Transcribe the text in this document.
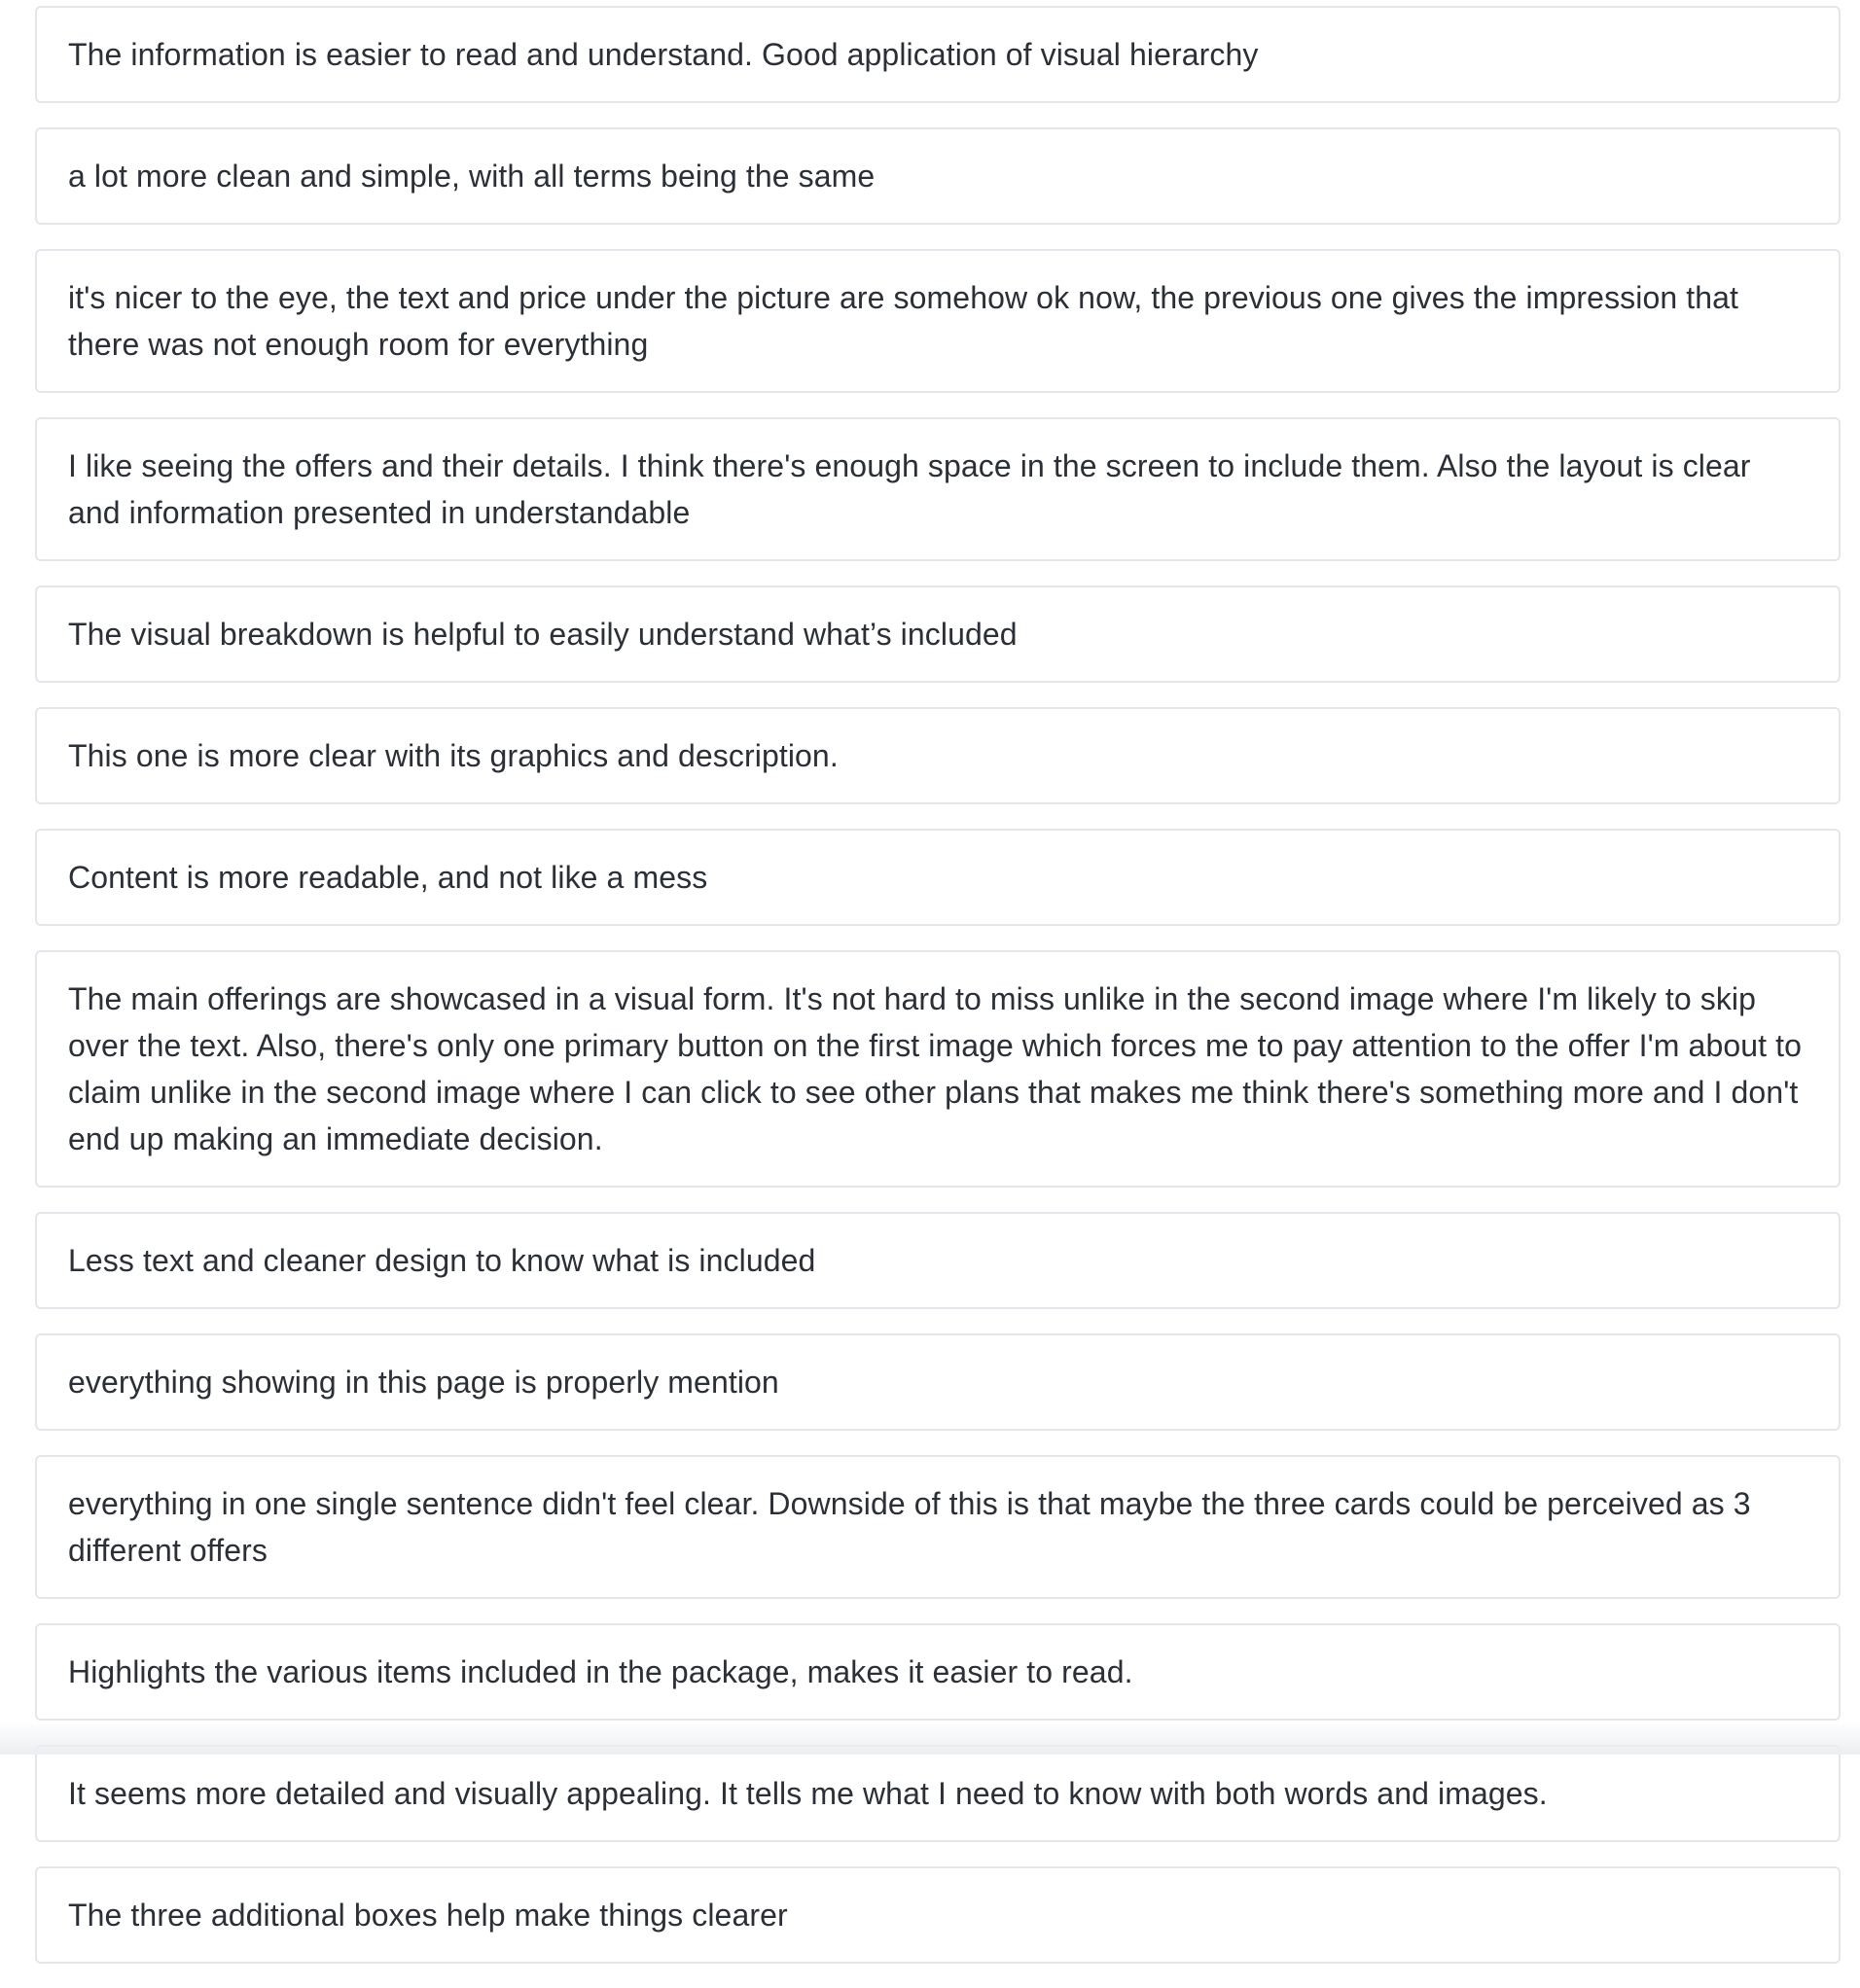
The information is easier to read and understand. Good application of visual hierarchy
a lot more clean and simple, with all terms being the same
it's nicer to the eye, the text and price under the picture are somehow ok now, the previous one gives the impression that there was not enough room for everything
I like seeing the offers and their details. I think there's enough space in the screen to include them. Also the layout is clear and information presented in understandable
The visual breakdown is helpful to easily understand what’s included
This one is more clear with its graphics and description.
Content is more readable, and not like a mess
The main offerings are showcased in a visual form. It's not hard to miss unlike in the second image where I'm likely to skip over the text. Also, there's only one primary button on the first image which forces me to pay attention to the offer I'm about to claim unlike in the second image where I can click to see other plans that makes me think there's something more and I don't end up making an immediate decision.
Less text and cleaner design to know what is included
everything showing in this page is properly mention
everything in one single sentence didn't feel clear. Downside of this is that maybe the three cards could be perceived as 3 different offers
Highlights the various items included in the package, makes it easier to read.
It seems more detailed and visually appealing. It tells me what I need to know with both words and images.
The three additional boxes help make things clearer
